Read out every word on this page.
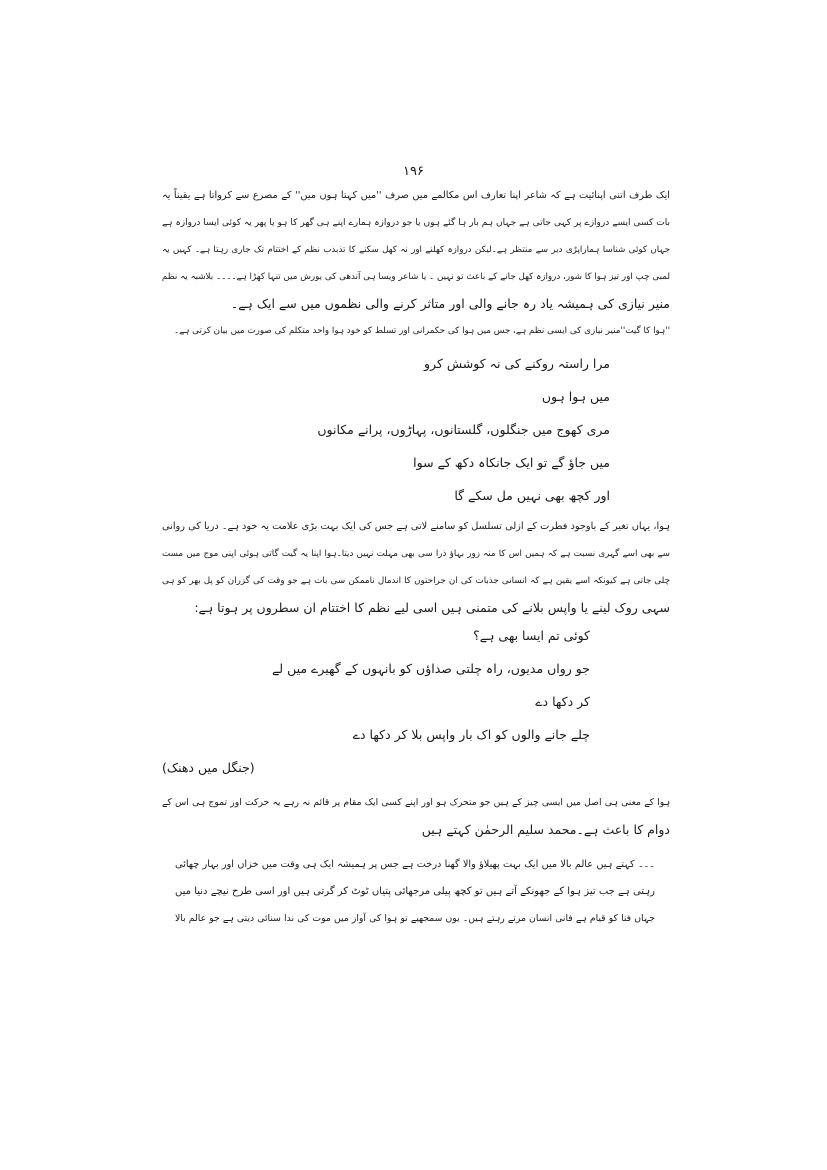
۱۹۶
ایک طرف اتنی اپنائیت ہے کہ شاعر اپنا تعارف اس مکالمے میں صرف ''میں کہتا ہوں میں'' کے مصرع سے کرواتا ہے یقیناً یہ
بات کسی ایسے دروازے پر کہی جاتی ہے جہاں ہم بار ہا گئے ہوں یا جو دروازہ ہمارے اپنے ہی گھر کا ہو یا پھر یہ کوئی ایسا دروازہ ہے
جہاں کوئی شناسا ہماراپڑی دیر سے منتظر ہے۔لیکن دروازہ کھلنے اور نہ کھل سکنے کا تذبذب نظم کے اختتام تک جاری رہتا ہے۔ کہیں یہ
لمبی چپ اور تیز ہوا کا شور، دروازہ کھل جانے کے باعث تو نہیں ۔ یا شاعر ویسا ہی آندھی کی یورش میں تنہا کھڑا ہے۔۔۔۔ بلاشبہ یہ نظم
منیر نیازی کی ہمیشہ یاد رہ جانے والی اور متاثر کرنے والی نظموں میں سے ایک ہے۔
''ہوا کا گیت''منیر نیازی کی ایسی نظم ہے، جس میں ہوا کی حکمرانی اور تسلط کو خود ہوا واحد متکلم کی صورت میں بیان کرتی ہے۔
مرا راستہ روکنے کی نہ کوشش کرو
میں ہوا ہوں
مری کھوج میں جنگلوں، گلستانوں، پہاڑوں، پرانے مکانوں
میں جاؤ گے تو ایک جانکاہ دکھ کے سوا
اور کچھ بھی نہیں مل سکے گا
ہوا، یہاں تغیر کے باوجود فطرت کے ازلی تسلسل کو سامنے لاتی ہے جس کی ایک بہت بڑی علامت یہ خود ہے۔ دریا کی روانی
سے بھی اسے گہری نسبت ہے کہ ہمیں اس کا منہ زور بہاؤ ذرا سی بھی مہلت نہیں دیتا۔ہوا اپنا یہ گیت گاتی ہوئی اپنی موج میں مست
چلی جاتی ہے کیونکہ اسے یقین ہے کہ انسانی جذبات کی ان جراحتوں کا اندمال ناممکن سی بات ہے جو وقت کی گزران کو پل بھر کو ہی
سہی روک لینے یا واپس بلانے کی متمنی ہیں اسی لیے نظم کا اختتام ان سطروں پر ہوتا ہے:
کوئی تم ایسا بھی ہے؟
جو رواں مدیوں، راہ چلتی صداؤں کو بانہوں کے گھیرے میں لے
کر دکھا دے
چلے جانے والوں کو اک بار واپس بلا کر دکھا دے
(جنگل میں دھنک)
ہوا کے معنی ہی اصل میں ایسی چیز کے ہیں جو متحرک ہو اور اپنے کسی ایک مقام پر قائم نہ رہے یہ حرکت اور تموج ہی اس کے
دوام کا باعث ہے۔محمد سلیم الرحمٰن کہتے ہیں
۔۔۔ کہتے ہیں عالم بالا میں ایک بہت پھیلاؤ والا گھنا درخت ہے جس پر ہمیشہ ایک ہی وقت میں خزاں اور بہار چھائی
رہتی ہے جب تیز ہوا کے جھونکے آتے ہیں تو کچھ پیلی مرجھائی پتیاں ٹوٹ کر گرتی ہیں اور اسی طرح نیچے دنیا میں
جہاں فنا کو قیام ہے فانی انسان مرتے رہتے ہیں۔ یوں سمجھیے تو ہوا کی آواز میں موت کی ندا سنائی دیتی ہے جو عالم بالا
